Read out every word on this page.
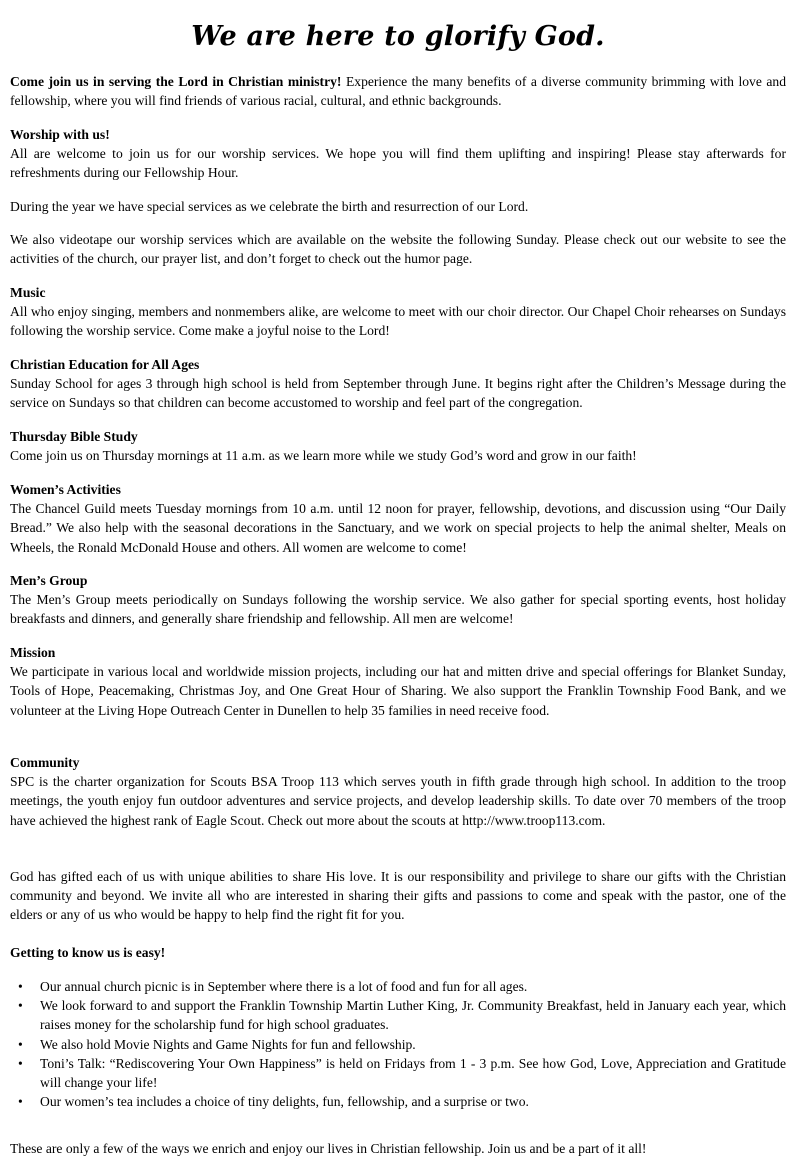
We are here to glorify God.

Come join us in serving the Lord in Christian ministry! Experience the many benefits of a diverse community brimming with love and fellowship, where you will find friends of various racial, cultural, and ethnic backgrounds.

Worship with us!
All are welcome to join us for our worship services. We hope you will find them uplifting and inspiring! Please stay afterwards for refreshments during our Fellowship Hour.

During the year we have special services as we celebrate the birth and resurrection of our Lord.

We also videotape our worship services which are available on the website the following Sunday. Please check out our website to see the activities of the church, our prayer list, and don’t forget to check out the humor page.

Music
All who enjoy singing, members and nonmembers alike, are welcome to meet with our choir director. Our Chapel Choir rehearses on Sundays following the worship service. Come make a joyful noise to the Lord!

Christian Education for All Ages
Sunday School for ages 3 through high school is held from September through June. It begins right after the Children’s Message during the service on Sundays so that children can become accustomed to worship and feel part of the congregation.

Thursday Bible Study
Come join us on Thursday mornings at 11 a.m. as we learn more while we study God’s word and grow in our faith!

Women’s Activities
The Chancel Guild meets Tuesday mornings from 10 a.m. until 12 noon for prayer, fellowship, devotions, and discussion using “Our Daily Bread.” We also help with the seasonal decorations in the Sanctuary, and we work on special projects to help the animal shelter, Meals on Wheels, the Ronald McDonald House and others. All women are welcome to come!

Men’s Group
The Men’s Group meets periodically on Sundays following the worship service. We also gather for special sporting events, host holiday breakfasts and dinners, and generally share friendship and fellowship. All men are welcome!

Mission
We participate in various local and worldwide mission projects, including our hat and mitten drive and special offerings for Blanket Sunday, Tools of Hope, Peacemaking, Christmas Joy, and One Great Hour of Sharing. We also support the Franklin Township Food Bank, and we volunteer at the Living Hope Outreach Center in Dunellen to help 35 families in need receive food.

Community
SPC is the charter organization for Scouts BSA Troop 113 which serves youth in fifth grade through high school. In addition to the troop meetings, the youth enjoy fun outdoor adventures and service projects, and develop leadership skills. To date over 70 members of the troop have achieved the highest rank of Eagle Scout. Check out more about the scouts at http://www.troop113.com.

God has gifted each of us with unique abilities to share His love. It is our responsibility and privilege to share our gifts with the Christian community and beyond. We invite all who are interested in sharing their gifts and passions to come and speak with the pastor, one of the elders or any of us who would be happy to help find the right fit for you.

Getting to know us is easy!

• Our annual church picnic is in September where there is a lot of food and fun for all ages.
• We look forward to and support the Franklin Township Martin Luther King, Jr. Community Breakfast, held in January each year, which raises money for the scholarship fund for high school graduates.
• We also hold Movie Nights and Game Nights for fun and fellowship.
• Toni’s Talk: “Rediscovering Your Own Happiness” is held on Fridays from 1 - 3 p.m. See how God, Love, Appreciation and Gratitude will change your life!
• Our women’s tea includes a choice of tiny delights, fun, fellowship, and a surprise or two.

These are only a few of the ways we enrich and enjoy our lives in Christian fellowship. Join us and be a part of it all!
